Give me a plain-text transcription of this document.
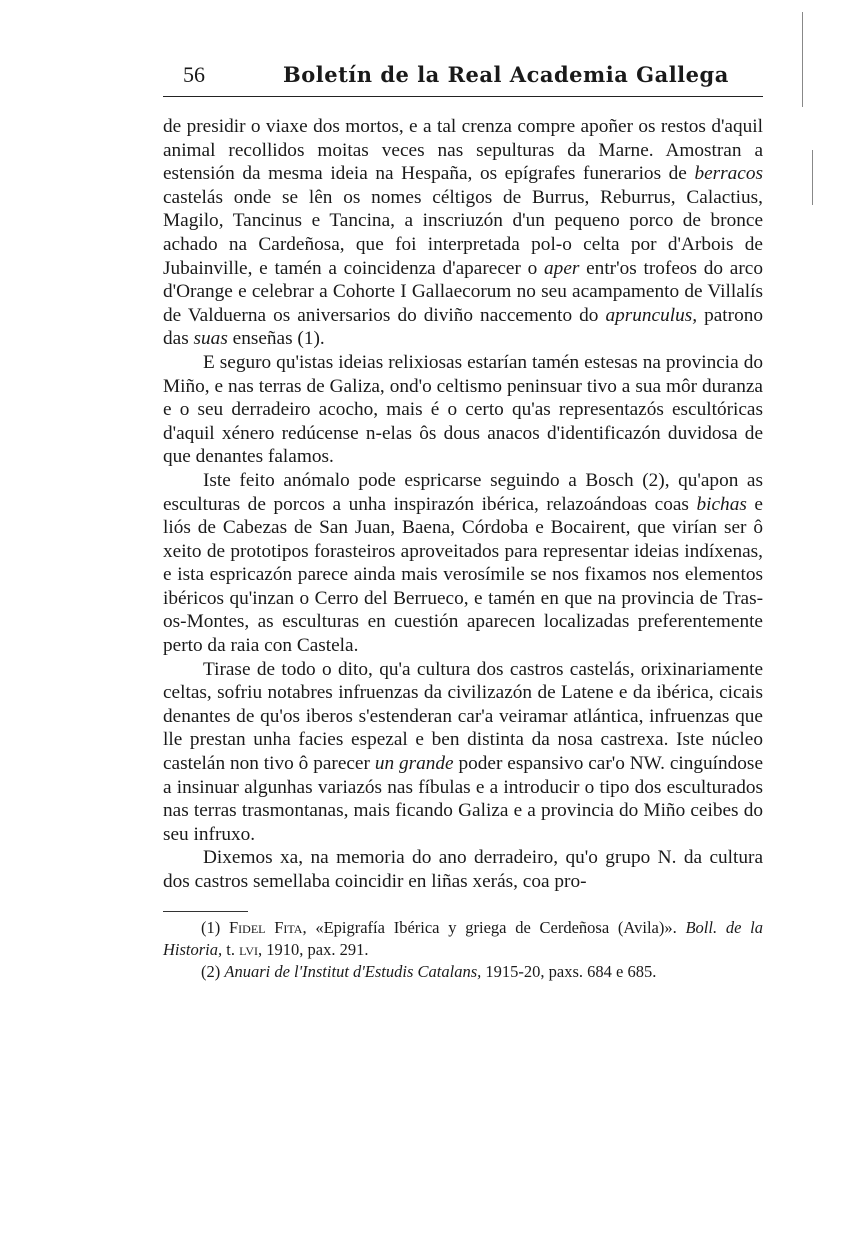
56	Boletín de la Real Academia Gallega

de presidir o viaxe dos mortos, e a tal crenza compre apoñer os restos d'aquil animal recollidos moitas veces nas sepulturas da Marne. Amostran a estensión da mesma ideia na Hespaña, os epígrafes funerarios de berracos castelás onde se lên os nomes céltigos de Burrus, Reburrus, Calactius, Magilo, Tancinus e Tancina, a inscriuzón d'un pequeno porco de bronce achado na Cardeñosa, que foi interpretada pol-o celta por d'Arbois de Jubainville, e tamén a coincidenza d'aparecer o aper entr'os trofeos do arco d'Orange e celebrar a Cohorte I Gallaecorum no seu acampamento de Villalís de Valduerna os aniversarios do diviño naccemento do aprunculus, patrono das suas enseñas (1).

E seguro qu'istas ideias relixiosas estarían tamén estesas na provincia do Miño, e nas terras de Galiza, ond'o celtismo peninsuar tivo a sua môr duranza e o seu derradeiro acocho, mais é o certo qu'as representazós escultóricas d'aquil xénero redúcense n-elas ôs dous anacos d'identificazón duvidosa de que denantes falamos.

Iste feito anómalo pode espricarse seguindo a Bosch (2), qu'apon as esculturas de porcos a unha inspirazón ibérica, relazoándoas coas bichas e liós de Cabezas de San Juan, Baena, Córdoba e Bocairent, que virían ser ô xeito de prototipos forasteiros aproveitados para representar ideias indíxenas, e ista espricazón parece ainda mais verosímile se nos fixamos nos elementos ibéricos qu'inzan o Cerro del Berrueco, e tamén en que na provincia de Tras-os-Montes, as esculturas en cuestión aparecen localizadas preferentemente perto da raia con Castela.

Tirase de todo o dito, qu'a cultura dos castros castelás, orixinariamente celtas, sofriu notabres infruenzas da civilizazón de Latene e da ibérica, cicais denantes de qu'os iberos s'estenderan car'a veiramar atlántica, infruenzas que lle prestan unha facies espezal e ben distinta da nosa castrexa. Iste núcleo castelán non tivo ô parecer un grande poder espansivo car'o NW. cinguíndose a insinuar algunhas variazós nas fíbulas e a introducir o tipo dos esculturados nas terras trasmontanas, mais ficando Galiza e a provincia do Miño ceibes do seu infruxo.

Dixemos xa, na memoria do ano derradeiro, qu'o grupo N. da cultura dos castros semellaba coincidir en liñas xerás, coa pro-

(1) Fidel Fita, «Epigrafía Ibérica y griega de Cerdeñosa (Avila)». Boll. de la Historia, t. lvi, 1910, pax. 291.

(2) Anuari de l'Institut d'Estudis Catalans, 1915-20, paxs. 684 e 685.
